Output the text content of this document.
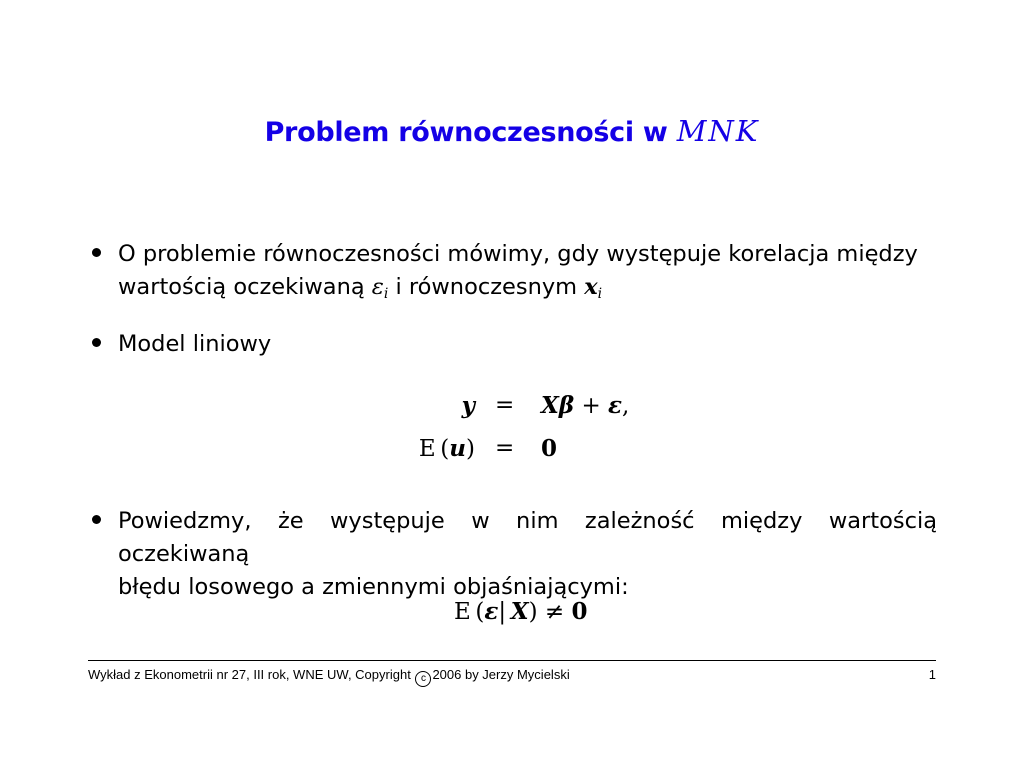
Problem równoczesności w MNK
O problemie równoczesności mówimy, gdy występuje korelacja między
wartością oczekiwaną $\varepsilon_i$ i równoczesnym $x_i$
Model liniowy
y = Xβ + ε,
E  (u) = 0
Powiedzmy, że występuje w nim zależność między wartością oczekiwaną
błędu losowego a zmiennymi objaśniającymi:
E  (ε|  X) ≠ 0
Wykład z Ekonometrii nr 27, III rok, WNE UW, Copyright c 2006 by Jerzy Mycielski	1
